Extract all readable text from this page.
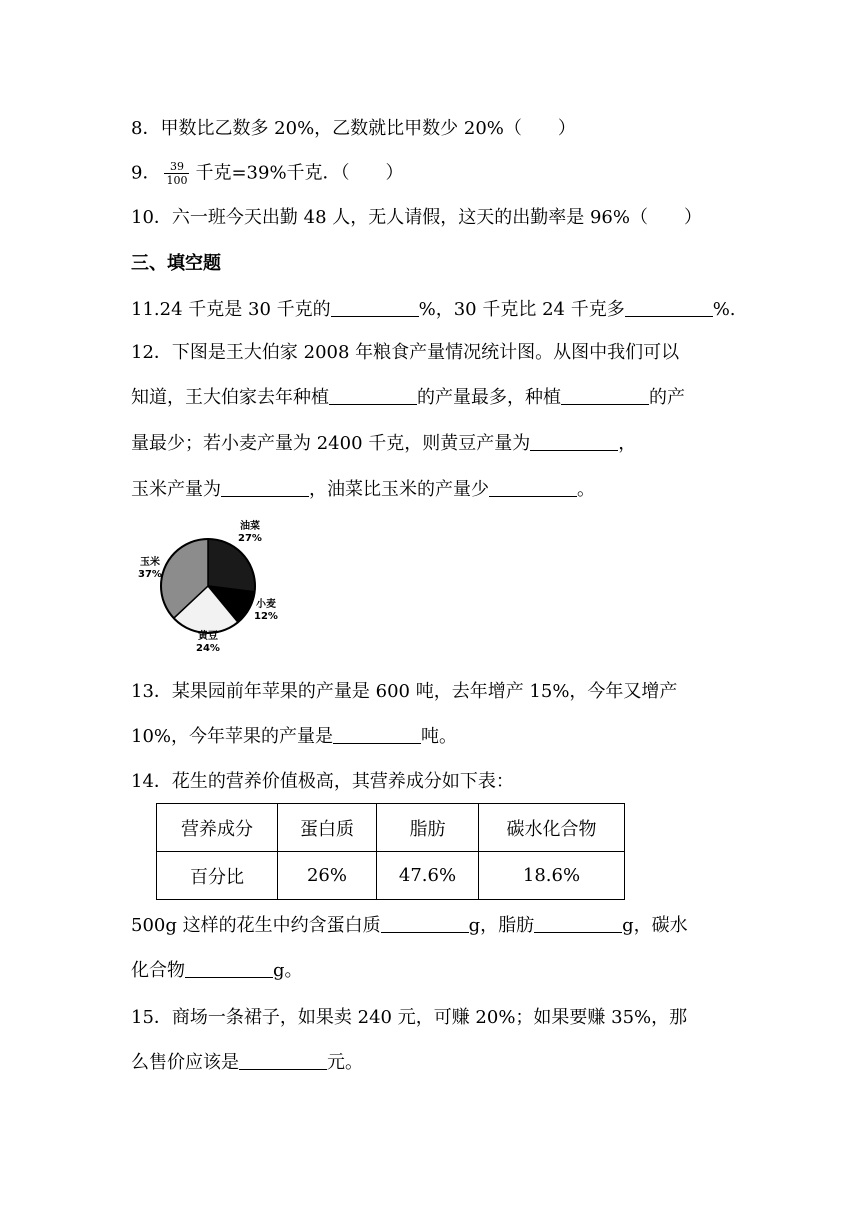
8．甲数比乙数多 20%，乙数就比甲数少 20%（　　）
9． $\frac{39}{100}$ 千克=39%千克．（　　）
10．六一班今天出勤 48 人，无人请假，这天的出勤率是 96%（　　）
三、填空题
11.24 千克是 30 千克的	%，30 千克比 24 千克多	%.
12．下图是王大伯家 2008 年粮食产量情况统计图。从图中我们可以
知道，王大伯家去年种植	的产量最多，种植	的产
量最少；若小麦产量为 2400 千克，则黄豆产量为	，
玉米产量为	，油菜比玉米的产量少	。
油菜
27%
小麦
12%
黄豆
24%
玉米
37%
13．某果园前年苹果的产量是 600 吨，去年增产 15%，今年又增产
10%，今年苹果的产量是	吨。
14．花生的营养价值极高，其营养成分如下表：
营养成分	蛋白质	脂肪	碳水化合物
百分比	26%	47.6%	18.6%
500g 这样的花生中约含蛋白质	g，脂肪	g，碳水
化合物	g。
15．商场一条裙子，如果卖 240 元，可赚 20%；如果要赚 35%，那
么售价应该是	元。
